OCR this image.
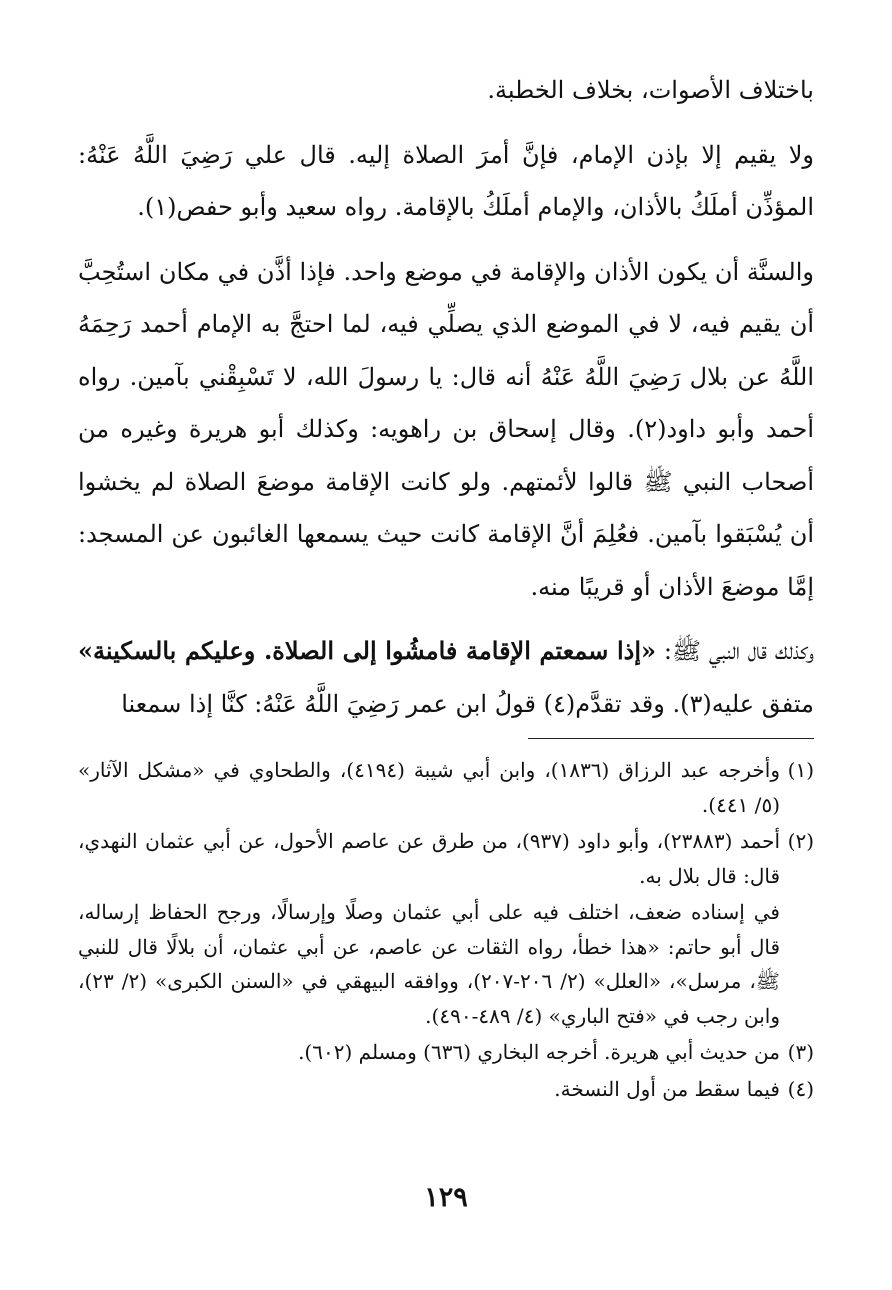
باختلاف الأصوات، بخلاف الخطبة.

ولا يقيم إلا بإذن الإمام، فإنَّ أمرَ الصلاة إليه. قال علي رَضِيَ اللَّهُ عَنْهُ: المؤذِّن أملَكُ بالأذان، والإمام أملَكُ بالإقامة. رواه سعيد وأبو حفص(١).

والسنَّة أن يكون الأذان والإقامة في موضع واحد. فإذا أذَّن في مكان استُحِبَّ أن يقيم فيه، لا في الموضع الذي يصلِّي فيه، لما احتجَّ به الإمام أحمد رَحِمَهُ اللَّهُ عن بلال رَضِيَ اللَّهُ عَنْهُ أنه قال: يا رسولَ الله، لا تَسْبِقْني بآمين. رواه أحمد وأبو داود(٢). وقال إسحاق بن راهويه: وكذلك أبو هريرة وغيره من أصحاب النبي ﷺ قالوا لأئمتهم. ولو كانت الإقامة موضعَ الصلاة لم يخشوا أن يُسْبَقوا بآمين. فعُلِمَ أنَّ الإقامة كانت حيث يسمعها الغائبون عن المسجد: إمَّا موضعَ الأذان أو قريبًا منه.

وكذلك قال النبي ﷺ: «إذا سمعتم الإقامة فامشُوا إلى الصلاة. وعليكم بالسكينة» متفق عليه(٣). وقد تقدَّم(٤) قولُ ابن عمر رَضِيَ اللَّهُ عَنْهُ: كنَّا إذا سمعنا

(١)
وأخرجه عبد الرزاق (١٨٣٦)، وابن أبي شيبة (٤١٩٤)، والطحاوي في «مشكل الآثار» (٥/ ٤٤١).
(٢)
أحمد (٢٣٨٨٣)، وأبو داود (٩٣٧)، من طرق عن عاصم الأحول، عن أبي عثمان النهدي، قال: قال بلال به.
في إسناده ضعف، اختلف فيه على أبي عثمان وصلًا وإرسالًا، ورجح الحفاظ إرساله، قال أبو حاتم: «هذا خطأ، رواه الثقات عن عاصم، عن أبي عثمان، أن بلالًا قال للنبي ﷺ، مرسل»، «العلل» (٢/ ٢٠٦-٢٠٧)، ووافقه البيهقي في «السنن الكبرى» (٢/ ٢٣)، وابن رجب في «فتح الباري» (٤/ ٤٨٩-٤٩٠).
(٣)
من حديث أبي هريرة. أخرجه البخاري (٦٣٦) ومسلم (٦٠٢).
(٤)
فيما سقط من أول النسخة.
١٢٩
